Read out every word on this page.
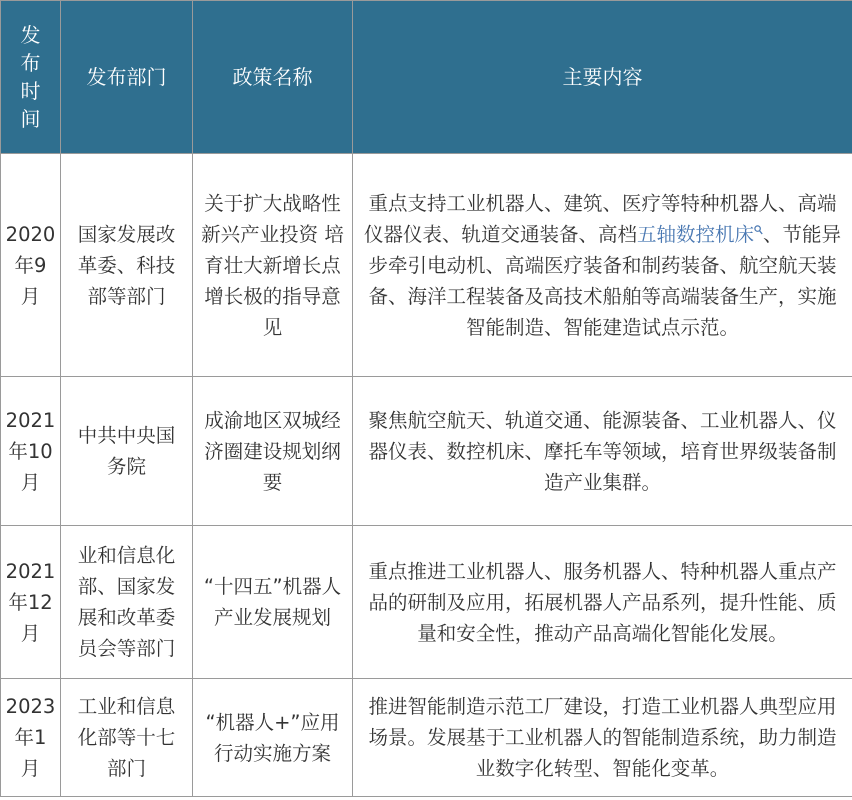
发布时间	发布部门	政策名称	主要内容
2020年9月	国家发展改革委、科技部等部门	关于扩大战略性新兴产业投资 培育壮大新增长点增长极的指导意见	重点支持工业机器人、建筑、医疗等特种机器人、高端仪器仪表、轨道交通装备、高档五轴数控机床 、节能异步牵引电动机、高端医疗装备和制药装备、航空航天装备、海洋工程装备及高技术船舶等高端装备生产，实施智能制造、智能建造试点示范。
2021年10月	中共中央国务院	成渝地区双城经济圈建设规划纲要	聚焦航空航天、轨道交通、能源装备、工业机器人、仪器仪表、数控机床、摩托车等领域，培育世界级装备制造产业集群。
2021年12月	业和信息化部、国家发展和改革委员会等部门	“十四五”机器人产业发展规划	重点推进工业机器人、服务机器人、特种机器人重点产品的研制及应用，拓展机器人产品系列，提升性能、质量和安全性，推动产品高端化智能化发展。
2023年1月	工业和信息化部等十七部门	“机器人+”应用行动实施方案	推进智能制造示范工厂建设，打造工业机器人典型应用场景。发展基于工业机器人的智能制造系统，助力制造业数字化转型、智能化变革。
